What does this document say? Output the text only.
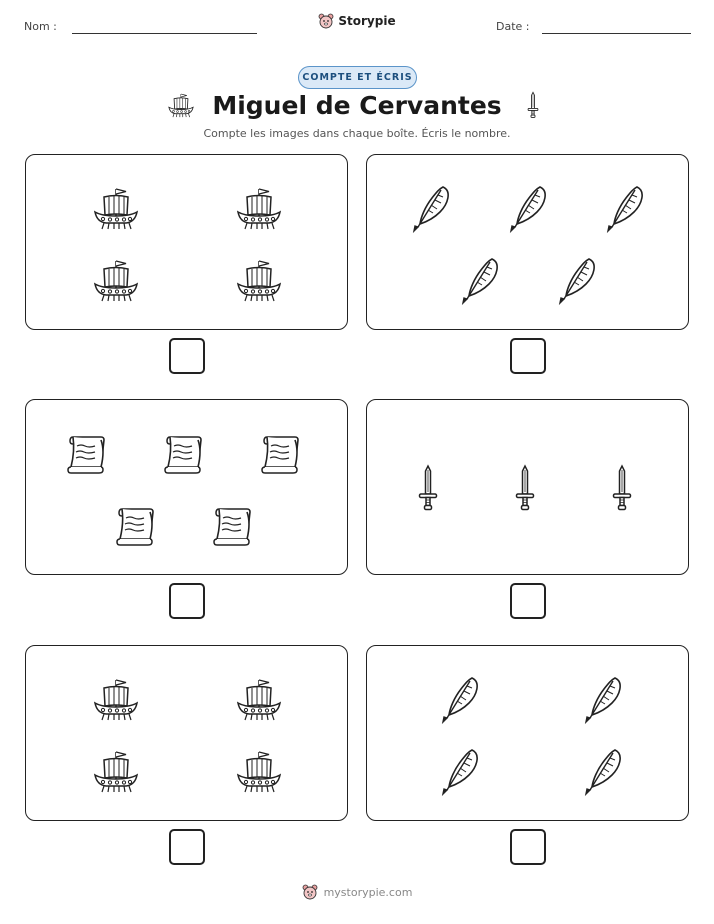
Nom :	Storypie	Date :
COMPTE ET ÉCRIS
Miguel de Cervantes
Compte les images dans chaque boîte. Écris le nombre.
mystorypie.com
